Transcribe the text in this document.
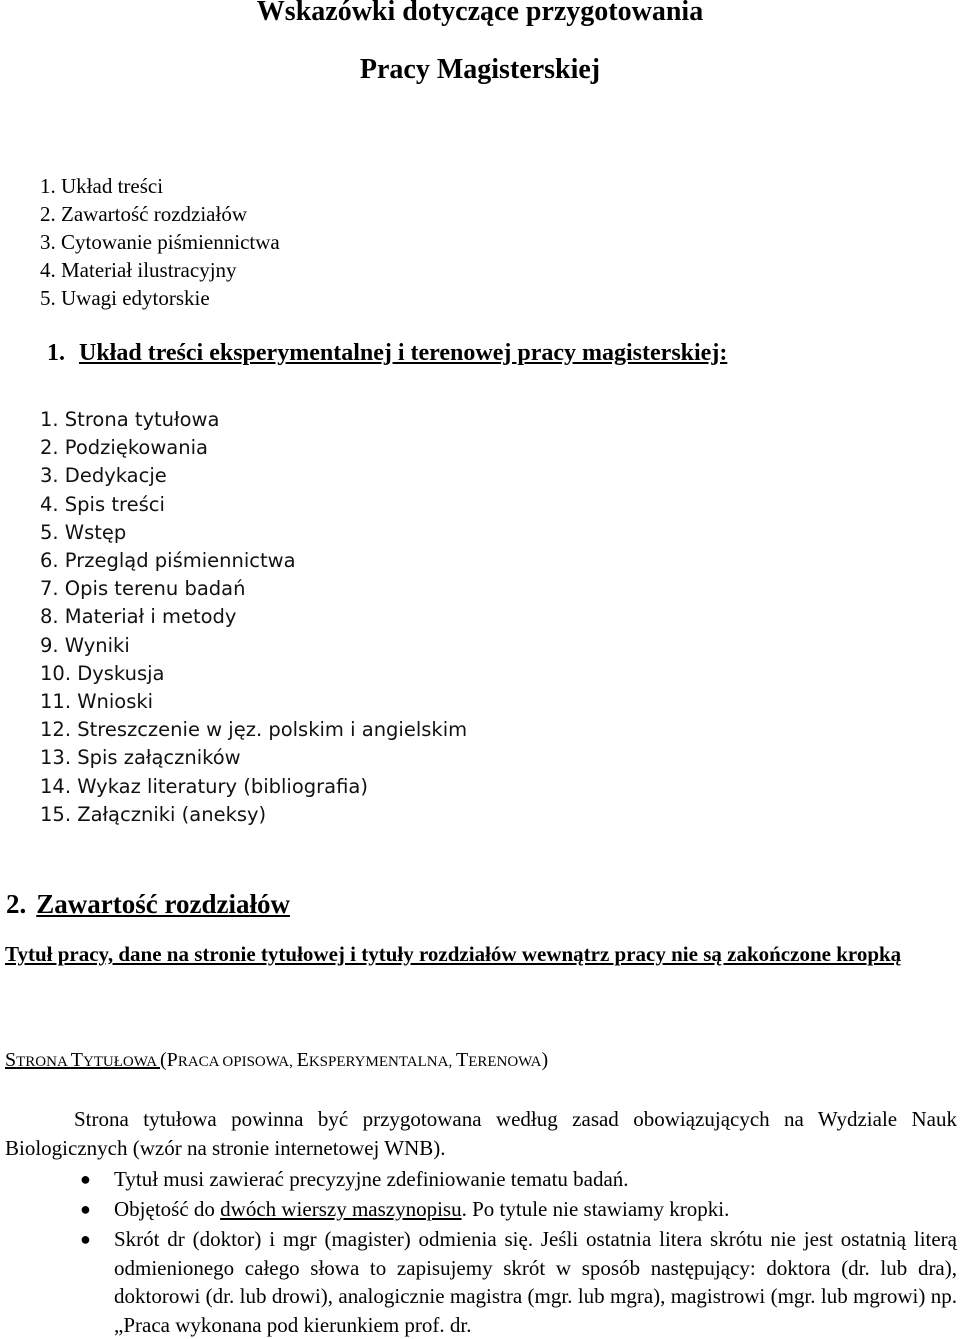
Wskazówki dotyczące przygotowania
Pracy Magisterskiej
1. Układ treści
2. Zawartość rozdziałów
3. Cytowanie piśmiennictwa
4. Materiał ilustracyjny
5. Uwagi edytorskie
1. Układ treści eksperymentalnej i terenowej pracy magisterskiej:
1. Strona tytułowa
2. Podziękowania
3. Dedykacje
4. Spis treści
5. Wstęp
6. Przegląd piśmiennictwa
7. Opis terenu badań
8. Materiał i metody
9. Wyniki
10. Dyskusja
11. Wnioski
12. Streszczenie w jęz. polskim i angielskim
13. Spis załączników
14. Wykaz literatury (bibliografia)
15. Załączniki (aneksy)
2. Zawartość rozdziałów
Tytuł pracy, dane na stronie tytułowej i tytuły rozdziałów wewnątrz pracy nie są zakończone kropką
STRONA TYTUŁOWA (PRACA OPISOWA, EKSPERYMENTALNA, TERENOWA)
Strona tytułowa powinna być przygotowana według zasad obowiązujących na Wydziale Nauk Biologicznych (wzór na stronie internetowej WNB).
● Tytuł musi zawierać precyzyjne zdefiniowanie tematu badań.
● Objętość do dwóch wierszy maszynopisu. Po tytule nie stawiamy kropki.
● Skrót dr (doktor) i mgr (magister) odmienia się. Jeśli ostatnia litera skrótu nie jest ostatnią literą odmienionego całego słowa to zapisujemy skrót w sposób następujący: doktora (dr. lub dra), doktorowi (dr. lub drowi), analogicznie magistra (mgr. lub mgra), magistrowi (mgr. lub mgrowi) np. „Praca wykonana pod kierunkiem prof. dr.
